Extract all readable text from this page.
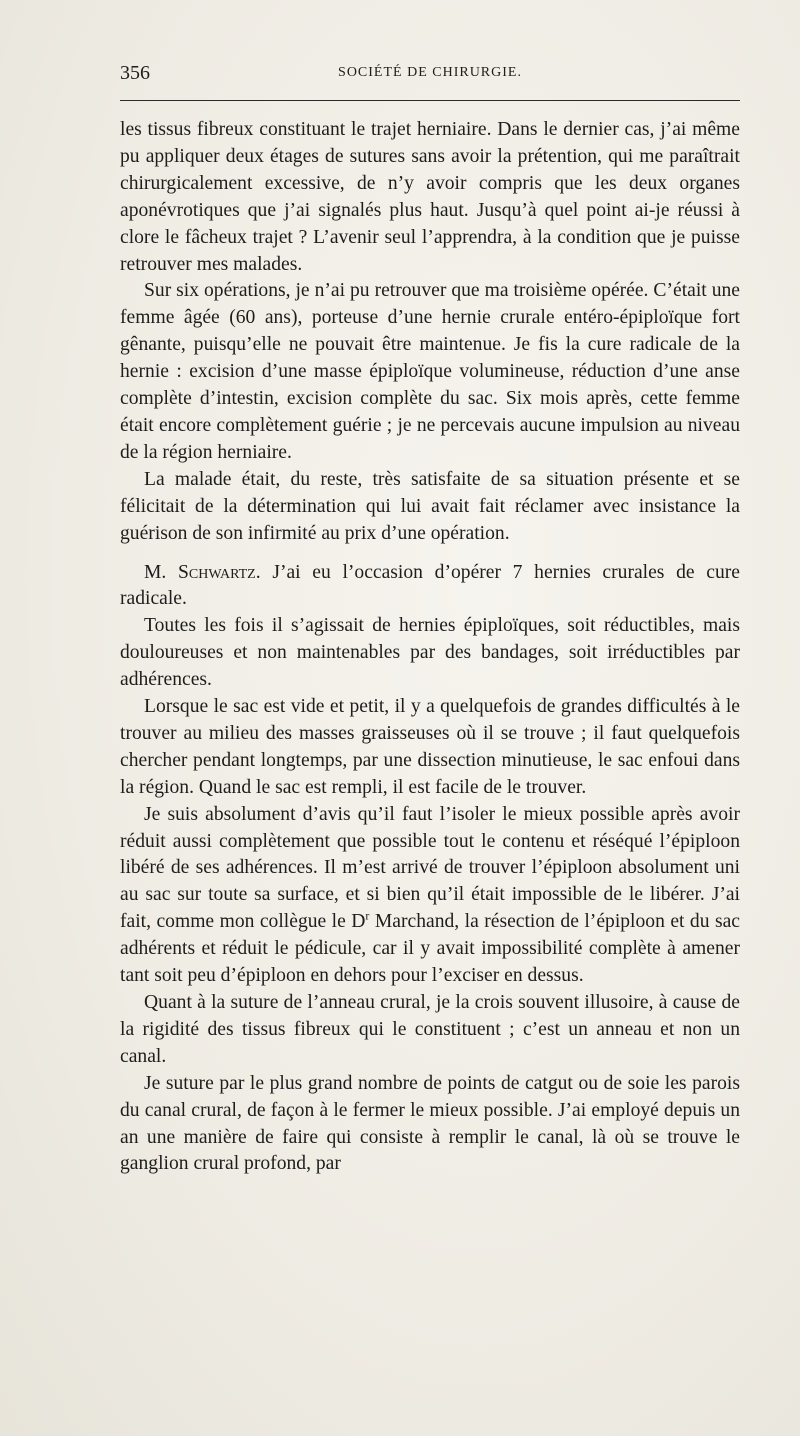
356	SOCIÉTÉ DE CHIRURGIE.

les tissus fibreux constituant le trajet herniaire. Dans le dernier cas, j’ai même pu appliquer deux étages de sutures sans avoir la prétention, qui me paraîtrait chirurgicalement excessive, de n’y avoir compris que les deux organes aponévrotiques que j’ai signalés plus haut. Jusqu’à quel point ai-je réussi à clore le fâcheux trajet ? L’avenir seul l’apprendra, à la condition que je puisse retrouver mes malades.

Sur six opérations, je n’ai pu retrouver que ma troisième opérée. C’était une femme âgée (60 ans), porteuse d’une hernie crurale entéro-épiploïque fort gênante, puisqu’elle ne pouvait être maintenue. Je fis la cure radicale de la hernie : excision d’une masse épiploïque volumineuse, réduction d’une anse complète d’intestin, excision complète du sac. Six mois après, cette femme était encore complètement guérie ; je ne percevais aucune impulsion au niveau de la région herniaire.

La malade était, du reste, très satisfaite de sa situation présente et se félicitait de la détermination qui lui avait fait réclamer avec insistance la guérison de son infirmité au prix d’une opération.

M. Schwartz. J’ai eu l’occasion d’opérer 7 hernies crurales de cure radicale.

Toutes les fois il s’agissait de hernies épiploïques, soit réductibles, mais douloureuses et non maintenables par des bandages, soit irréductibles par adhérences.

Lorsque le sac est vide et petit, il y a quelquefois de grandes difficultés à le trouver au milieu des masses graisseuses où il se trouve ; il faut quelquefois chercher pendant longtemps, par une dissection minutieuse, le sac enfoui dans la région. Quand le sac est rempli, il est facile de le trouver.

Je suis absolument d’avis qu’il faut l’isoler le mieux possible après avoir réduit aussi complètement que possible tout le contenu et réséqué l’épiploon libéré de ses adhérences. Il m’est arrivé de trouver l’épiploon absolument uni au sac sur toute sa surface, et si bien qu’il était impossible de le libérer. J’ai fait, comme mon collègue le $D^r$ Marchand, la résection de l’épiploon et du sac adhérents et réduit le pédicule, car il y avait impossibilité complète à amener tant soit peu d’épiploon en dehors pour l’exciser en dessus.

Quant à la suture de l’anneau crural, je la crois souvent illusoire, à cause de la rigidité des tissus fibreux qui le constituent ; c’est un anneau et non un canal.

Je suture par le plus grand nombre de points de catgut ou de soie les parois du canal crural, de façon à le fermer le mieux possible. J’ai employé depuis un an une manière de faire qui consiste à remplir le canal, là où se trouve le ganglion crural profond, par
